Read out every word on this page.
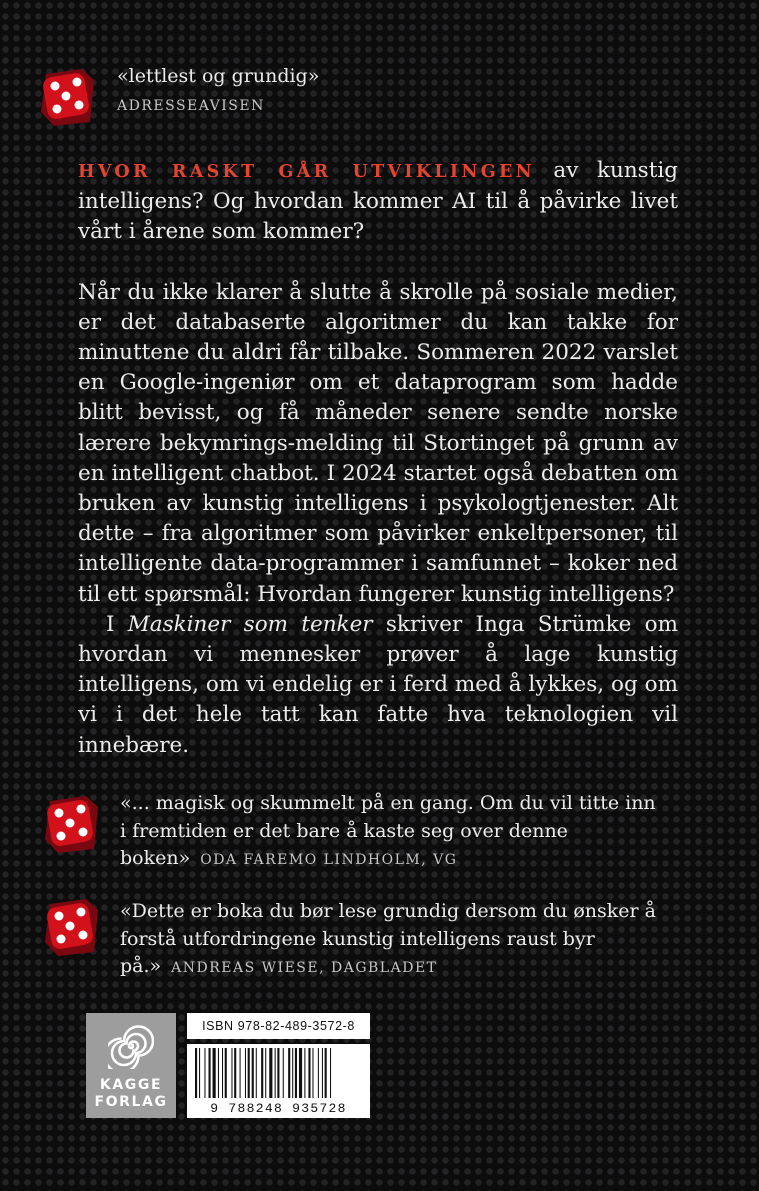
«lettlest og grundig»
ADRESSEAVISEN

HVOR RASKT GÅR UTVIKLINGEN av kunstig intelligens? Og hvordan kommer AI til å påvirke livet vårt i årene som kommer?

Når du ikke klarer å slutte å skrolle på sosiale medier, er det databaserte algoritmer du kan takke for minuttene du aldri får tilbake. Sommeren 2022 varslet en Google-ingeniør om et dataprogram som hadde blitt bevisst, og få måneder senere sendte norske lærere bekymrings-melding til Stortinget på grunn av en intelligent chatbot. I 2024 startet også debatten om bruken av kunstig intelligens i psykologtjenester. Alt dette – fra algoritmer som påvirker enkeltpersoner, til intelligente data-programmer i samfunnet – koker ned til ett spørsmål: Hvordan fungerer kunstig intelligens?

I Maskiner som tenker skriver Inga Strümke om hvordan vi mennesker prøver å lage kunstig intelligens, om vi endelig er i ferd med å lykkes, og om vi i det hele tatt kan fatte hva teknologien vil innebære.

«... magisk og skummelt på en gang. Om du vil titte inn i fremtiden er det bare å kaste seg over denne boken» ODA FAREMO LINDHOLM, VG
«Dette er boka du bør lese grundig dersom du ønsker å forstå utfordringene kunstig intelligens raust byr på.» ANDREAS WIESE, DAGBLADET
KAGGE
FORLAG
ISBN 978-82-489-3572-8
9 788248 935728
